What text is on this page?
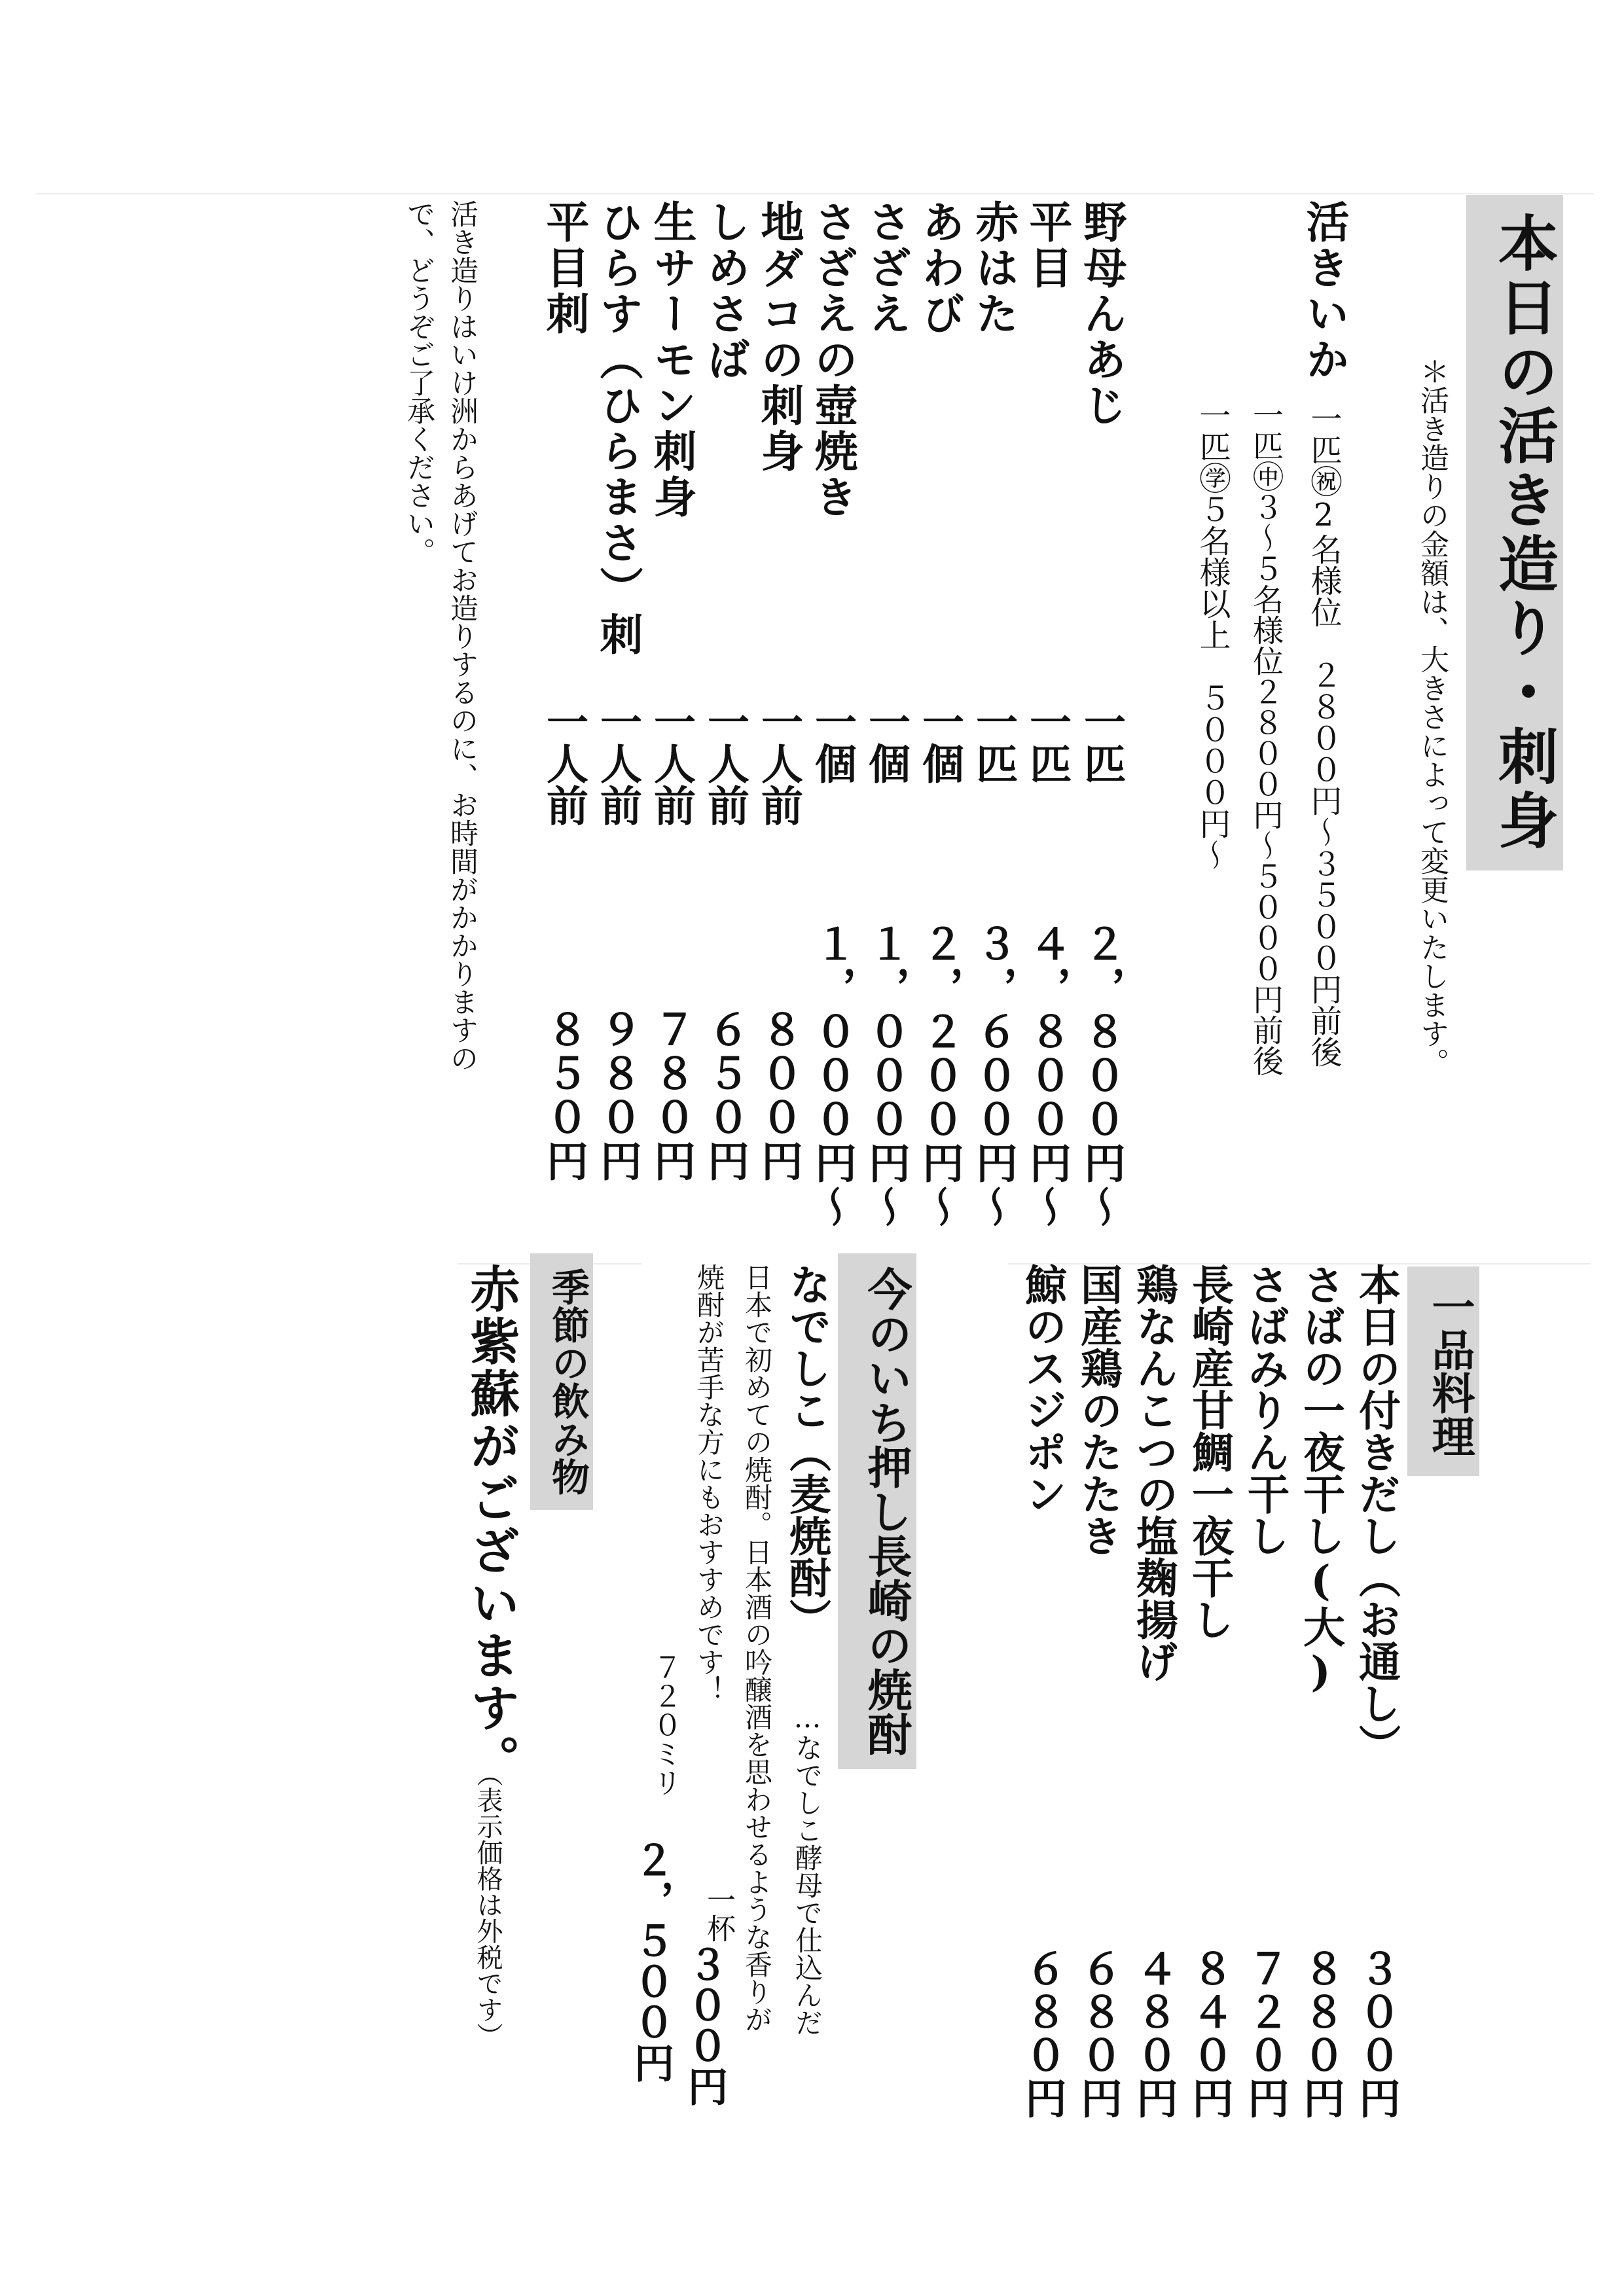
本日の活き造り・刺身
＊活き造りの金額は、大きさによって変更いたします。
活きいか
一匹㊗2名様位　２８００円～３５００円前後
一匹㊥３～５名様位２８００円～５０００円前後
一匹㊫５名様以上　５０００円～
野母んあじ
平目
赤はた
あわび
さざえ
さざえの壺焼き
地ダコの刺身
しめさば
生サーモン刺身
ひらす（ひらまさ）刺
平目刺
一匹
一匹
一匹
一個
一個
一個
一人前
一人前
一人前
一人前
一人前
２，８００円～
４，８００円～
３，６００円～
２，２００円～
１，０００円～
１，０００円～
８００円
６５０円
７８０円
９８０円
８５０円
活き造りはいけ洲からあげてお造りするのに、お時間がかかりますの
で、どうぞご了承ください。
一品料理
本日の付きだし（お通し）
さばの一夜干し(大)
さばみりん干し
長崎産甘鯛一夜干し
鶏なんこつの塩麹揚げ
国産鶏のたたき
鯨のスジポン
３００円
８８０円
７２０円
８４０円
４８０円
６８０円
６８０円
今のいち押し長崎の焼酎
なでしこ（麦焼酎）
…なでしこ酵母で仕込んだ
日本で初めての焼酎。日本酒の吟醸酒を思わせるような香りが
焼酎が苦手な方にもおすすめです！
一杯
３００円
７２０ミリ
２，５００円
季節の飲み物
赤紫蘇がございます。
（表示価格は外税です）
